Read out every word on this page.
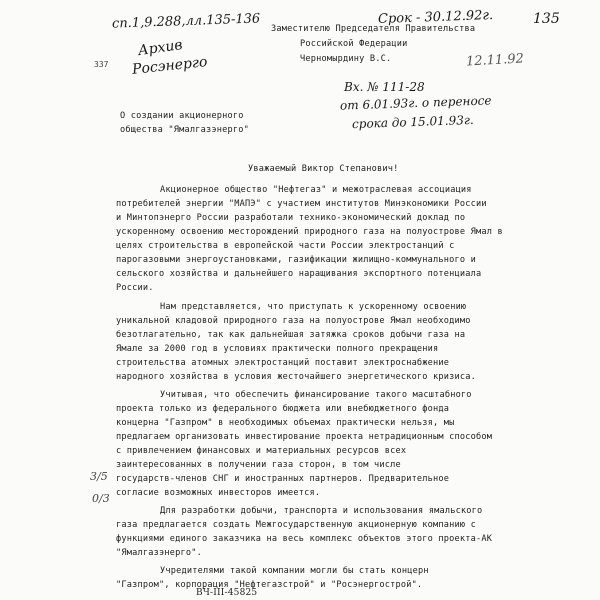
сп.1,9.288,лл.135-136	Срок - 30.12.92г.	135
Архив
Росэнерго	12.11.92
Заместителю Председателя Правительства
Российской Федерации
Черномырдину В.С.
Вх. № 111-28
от 6.01.93г. о переносе
срока до 15.01.93г.
337
3/5
0/3
О создании акционерного
общества "Ямалгазэнерго"
Уважаемый Виктор Степанович!
Акционерное общество "Нефтегаз" и межотраслевая ассоциация
потребителей энергии "МАПЭ" с участием институтов Минэкономики России
и Минтопэнерго России разработали технико-экономический доклад по
ускоренному освоению месторождений природного газа на полуострове Ямал в
целях строительства в европейской части России электростанций с
парогазовыми энергоустановками, газификации жилищно-коммунального и
сельского хозяйства и дальнейшего наращивания экспортного потенциала
России.
Нам представляется, что приступать к ускоренному освоению
уникальной кладовой природного газа на полуострове Ямал необходимо
безотлагательно, так как дальнейшая затяжка сроков добычи газа на
Ямале за 2000 год в условиях практически полного прекращения
строительства атомных электростанций поставит электроснабжение
народного хозяйства в условия жесточайшего энергетического кризиса.
Учитывая, что обеспечить финансирование такого масштабного
проекта только из федерального бюджета или внебюджетного фонда
концерна "Газпром" в необходимых объемах практически нельзя, мы
предлагаем организовать инвестирование проекта нетрадиционным способом
с привлечением финансовых и материальных ресурсов всех
заинтересованных в получении газа сторон, в том числе
государств-членов СНГ и иностранных партнеров. Предварительное
согласие возможных инвесторов имеется.
Для разработки добычи, транспорта и использования ямальского
газа предлагается создать Межгосударственную акционерную компанию с
функциями единого заказчика на весь комплекс объектов этого проекта-АК
"Ямалгазэнерго".
Учредителями такой компании могли бы стать концерн
"Газпром", корпорация "Нефтегазстрой" и "Росэнергострой".
ВЧ-III-45825
